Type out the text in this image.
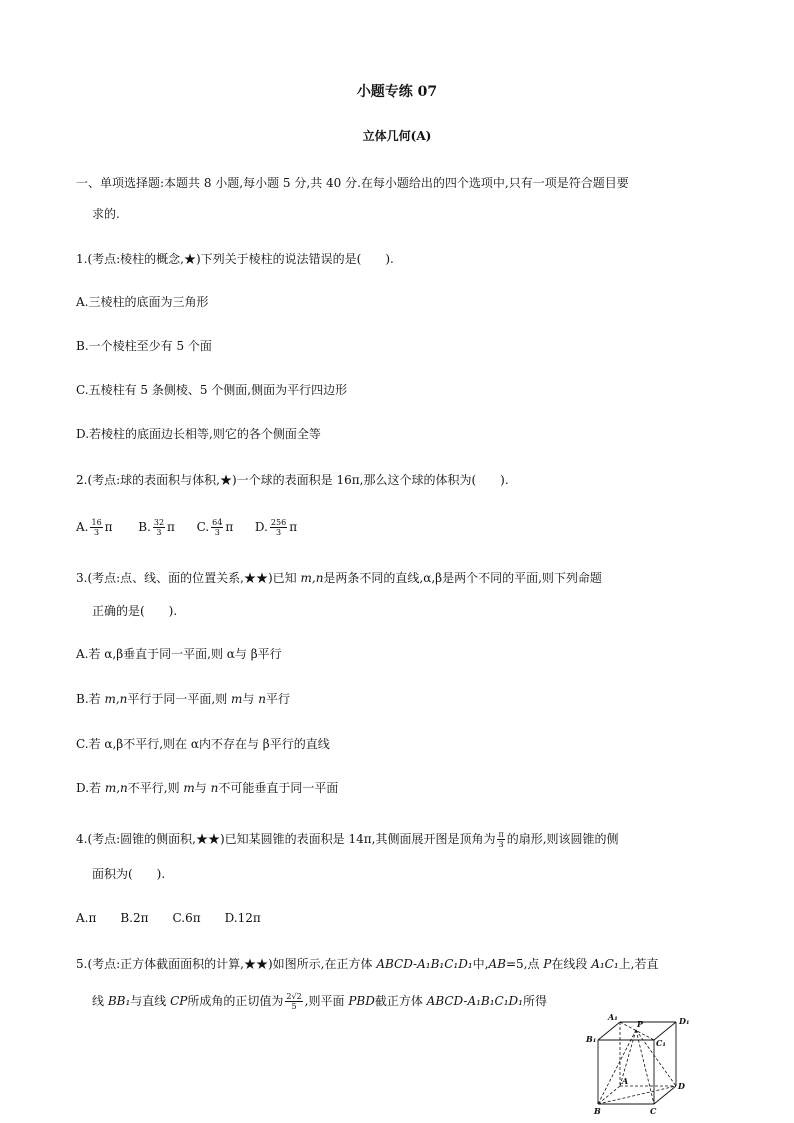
小题专练 07
立体几何(A)
一、单项选择题:本题共 8 小题,每小题 5 分,共 40 分.在每小题给出的四个选项中,只有一项是符合题目要
求的.
1.(考点:棱柱的概念,★)下列关于棱柱的说法错误的是(　　).
A.三棱柱的底面为三角形
B.一个棱柱至少有 5 个面
C.五棱柱有 5 条侧棱、5 个侧面,侧面为平行四边形
D.若棱柱的底面边长相等,则它的各个侧面全等
2.(考点:球的表面积与体积,★)一个球的表面积是 16π,那么这个球的体积为(　　).
A. $\frac{16}{3}$ π B. $\frac{32}{3}$ π C. $\frac{64}{3}$ π D. $\frac{256}{3}$ π
3.(考点:点、线、面的位置关系,★★)已知 m,n是两条不同的直线,α,β是两个不同的平面,则下列命题
正确的是(　　).
A.若 α,β垂直于同一平面,则 α与 β平行
B.若 m,n平行于同一平面,则 m与 n平行
C.若 α,β不平行,则在 α内不存在与 β平行的直线
D.若 m,n不平行,则 m与 n不可能垂直于同一平面
4.(考点:圆锥的侧面积,★★)已知某圆锥的表面积是 14π,其侧面展开图是顶角为 $\frac{\pi}{3}$ 的扇形,则该圆锥的侧
面积为(　　).
A.π　　B.2π　　C.6π　　D.12π
5.(考点:正方体截面面积的计算,★★)如图所示,在正方体 ABCD-A₁B₁C₁D₁中,AB=5,点 P在线段 A₁C₁上,若直
线 BB₁与直线 CP所成角的正切值为 $\frac{2√2}{5}$ ,则平面 PBD截正方体 ABCD-A₁B₁C₁D₁所得
A₁
P	D₁
B₁	C₁
A	D
B	C
